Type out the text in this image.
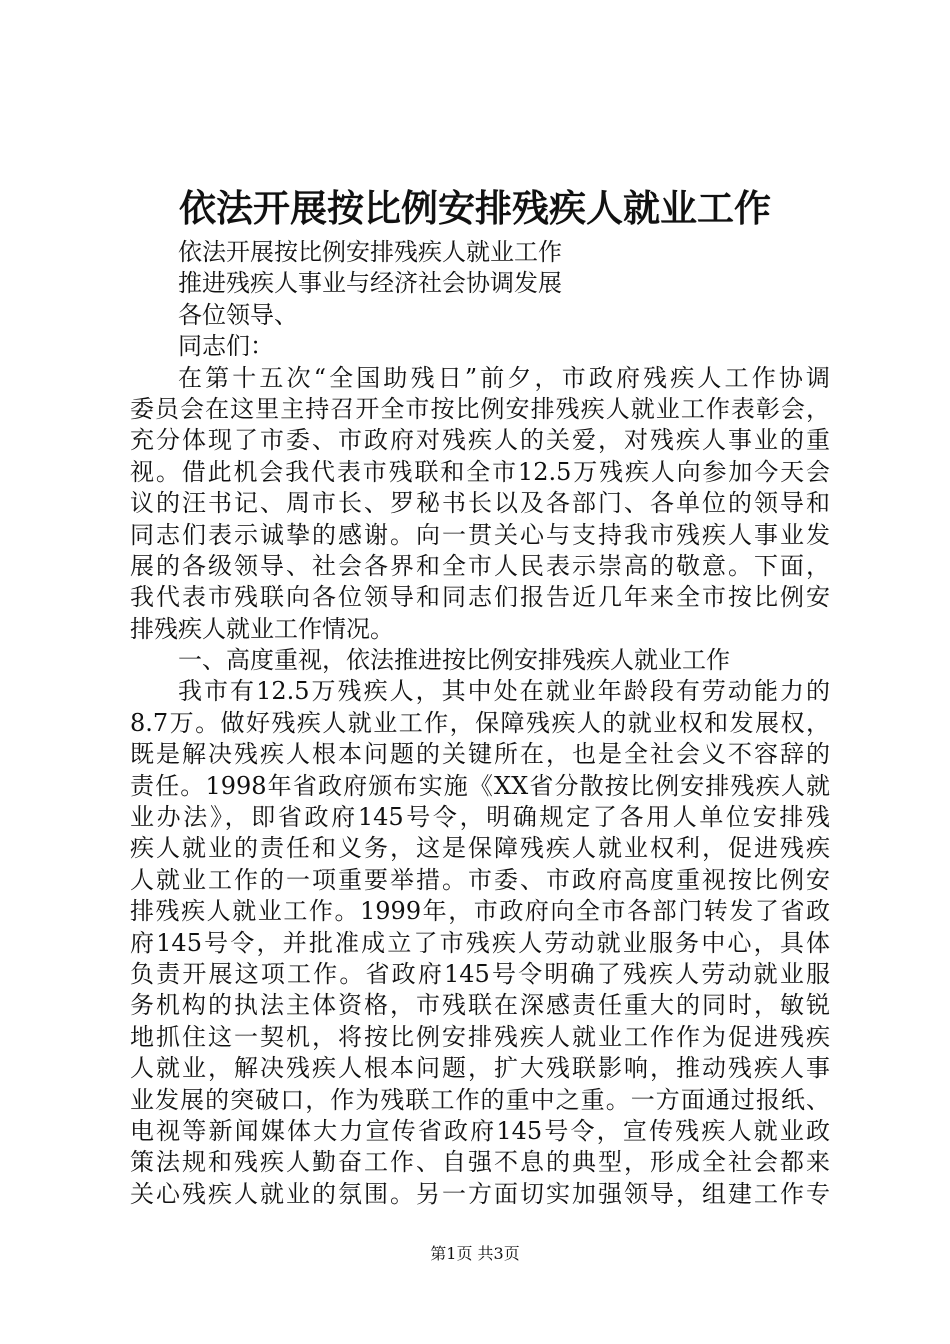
依法开展按比例安排残疾人就业工作
依法开展按比例安排残疾人就业工作
推进残疾人事业与经济社会协调发展
各位领导、
同志们：
在第十五次“全国助残日”前夕，市政府残疾人工作协调
委员会在这里主持召开全市按比例安排残疾人就业工作表彰会，
充分体现了市委、市政府对残疾人的关爱，对残疾人事业的重
视。借此机会我代表市残联和全市12.5万残疾人向参加今天会
议的汪书记、周市长、罗秘书长以及各部门、各单位的领导和
同志们表示诚挚的感谢。向一贯关心与支持我市残疾人事业发
展的各级领导、社会各界和全市人民表示崇高的敬意。下面，
我代表市残联向各位领导和同志们报告近几年来全市按比例安
排残疾人就业工作情况。
一、高度重视，依法推进按比例安排残疾人就业工作
我市有12.5万残疾人，其中处在就业年龄段有劳动能力的
8.7万。做好残疾人就业工作，保障残疾人的就业权和发展权，
既是解决残疾人根本问题的关键所在，也是全社会义不容辞的
责任。1998年省政府颁布实施《XX省分散按比例安排残疾人就
业办法》，即省政府145号令，明确规定了各用人单位安排残
疾人就业的责任和义务，这是保障残疾人就业权利，促进残疾
人就业工作的一项重要举措。市委、市政府高度重视按比例安
排残疾人就业工作。1999年，市政府向全市各部门转发了省政
府145号令，并批准成立了市残疾人劳动就业服务中心，具体
负责开展这项工作。省政府145号令明确了残疾人劳动就业服
务机构的执法主体资格，市残联在深感责任重大的同时，敏锐
地抓住这一契机，将按比例安排残疾人就业工作作为促进残疾
人就业，解决残疾人根本问题，扩大残联影响，推动残疾人事
业发展的突破口，作为残联工作的重中之重。一方面通过报纸、
电视等新闻媒体大力宣传省政府145号令，宣传残疾人就业政
策法规和残疾人勤奋工作、自强不息的典型，形成全社会都来
关心残疾人就业的氛围。另一方面切实加强领导，组建工作专
第1页 共3页
